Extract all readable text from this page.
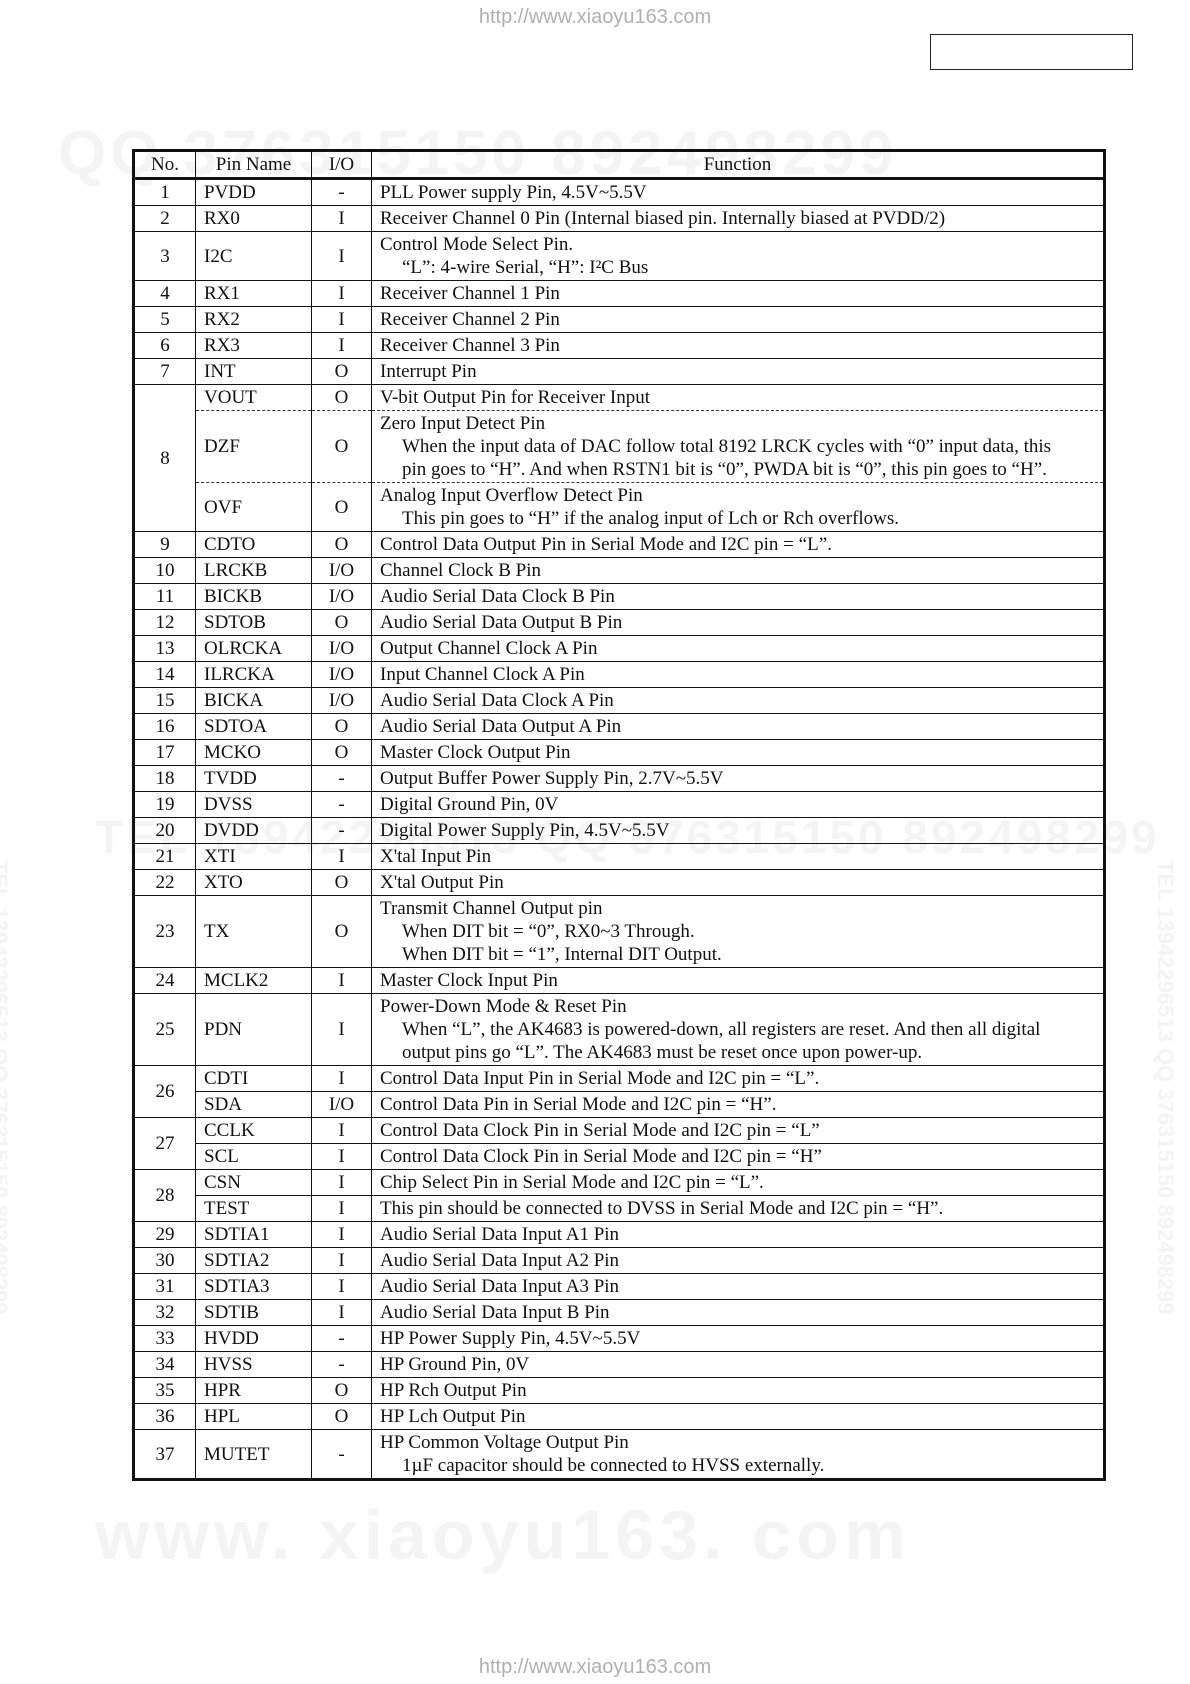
http://www.xiaoyu163.com
No.	Pin Name	I/O	Function
1	PVDD	-	PLL Power supply Pin, 4.5V~5.5V

2	RX0	I	Receiver Channel 0 Pin (Internal biased pin. Internally biased at PVDD/2)

3	I2C	I	Control Mode Select Pin.
“L”: 4-wire Serial, “H”: I²C Bus

4	RX1	I	Receiver Channel 1 Pin

5	RX2	I	Receiver Channel 2 Pin

6	RX3	I	Receiver Channel 3 Pin

7	INT	O	Interrupt Pin

8	VOUT	O	V-bit Output Pin for Receiver Input

	DZF	O	Zero Input Detect Pin
When the input data of DAC follow total 8192 LRCK cycles with “0” input data, this
pin goes to “H”. And when RSTN1 bit is “0”, PWDA bit is “0”, this pin goes to “H”.

	OVF	O	Analog Input Overflow Detect Pin
This pin goes to “H” if the analog input of Lch or Rch overflows.

9	CDTO	O	Control Data Output Pin in Serial Mode and I2C pin = “L”.

10	LRCKB	I/O	Channel Clock B Pin

11	BICKB	I/O	Audio Serial Data Clock B Pin

12	SDTOB	O	Audio Serial Data Output B Pin

13	OLRCKA	I/O	Output Channel Clock A Pin

14	ILRCKA	I/O	Input Channel Clock A Pin

15	BICKA	I/O	Audio Serial Data Clock A Pin

16	SDTOA	O	Audio Serial Data Output A Pin

17	MCKO	O	Master Clock Output Pin

18	TVDD	-	Output Buffer Power Supply Pin, 2.7V~5.5V

19	DVSS	-	Digital Ground Pin, 0V

20	DVDD	-	Digital Power Supply Pin, 4.5V~5.5V

21	XTI	I	X'tal Input Pin

22	XTO	O	X'tal Output Pin

23	TX	O	Transmit Channel Output pin
When DIT bit = “0”, RX0~3 Through.
When DIT bit = “1”, Internal DIT Output.

24	MCLK2	I	Master Clock Input Pin

25	PDN	I	Power-Down Mode & Reset Pin
When “L”, the AK4683 is powered-down, all registers are reset. And then all digital
output pins go “L”. The AK4683 must be reset once upon power-up.

26	CDTI	I	Control Data Input Pin in Serial Mode and I2C pin = “L”.

	SDA	I/O	Control Data Pin in Serial Mode and I2C pin = “H”.

27	CCLK	I	Control Data Clock Pin in Serial Mode and I2C pin = “L”

	SCL	I	Control Data Clock Pin in Serial Mode and I2C pin = “H”

28	CSN	I	Chip Select Pin in Serial Mode and I2C pin = “L”.

	TEST	I	This pin should be connected to DVSS in Serial Mode and I2C pin = “H”.

29	SDTIA1	I	Audio Serial Data Input A1 Pin

30	SDTIA2	I	Audio Serial Data Input A2 Pin

31	SDTIA3	I	Audio Serial Data Input A3 Pin

32	SDTIB	I	Audio Serial Data Input B Pin

33	HVDD	-	HP Power Supply Pin, 4.5V~5.5V

34	HVSS	-	HP Ground Pin, 0V

35	HPR	O	HP Rch Output Pin

36	HPL	O	HP Lch Output Pin

37	MUTET	-	HP Common Voltage Output Pin
1µF capacitor should be connected to HVSS externally.
http://www.xiaoyu163.com
